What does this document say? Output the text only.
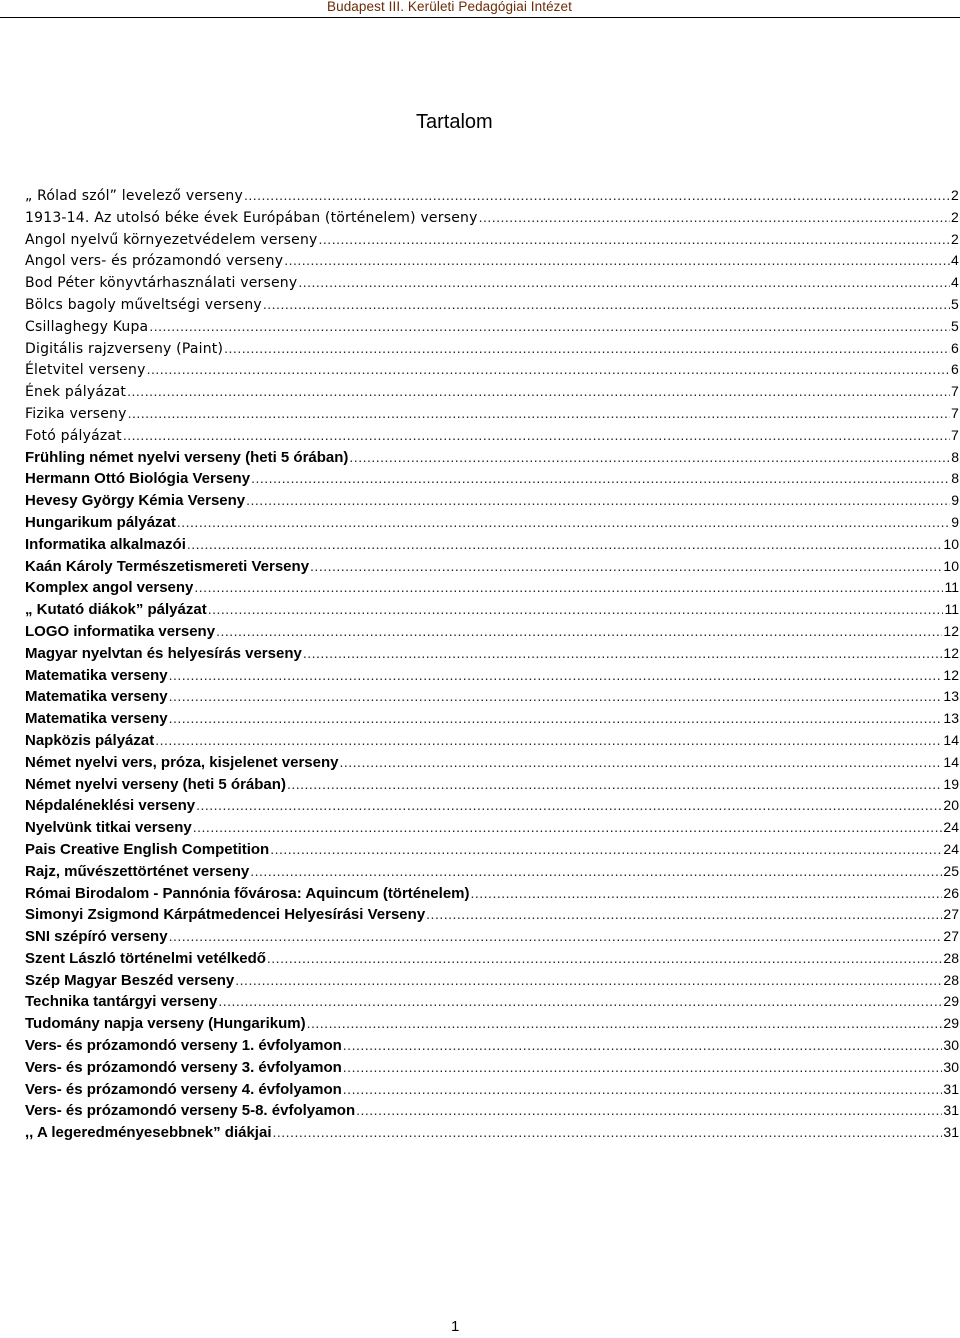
Budapest III. Kerületi Pedagógiai Intézet
Tartalom
„ Rólad szól” levelező verseny .....	2
1913-14. Az utolsó béke évek Európában (történelem) verseny .....	2
Angol nyelvű környezetvédelem verseny .....	2
Angol vers- és prózamondó verseny .....	4
Bod Péter könyvtárhasználati verseny .....	4
Bölcs bagoly műveltségi verseny .....	5
Csillaghegy Kupa .....	5
Digitális rajzverseny (Paint) .....	6
Életvitel verseny .....	6
Ének pályázat .....	7
Fizika verseny .....	7
Fotó pályázat .....	7
Frühling német nyelvi verseny (heti 5 órában) .....	8
Hermann Ottó Biológia Verseny .....	8
Hevesy György Kémia Verseny .....	9
Hungarikum pályázat .....	9
Informatika alkalmazói .....	10
Kaán Károly Természetismereti Verseny .....	10
Komplex angol verseny .....	11
„ Kutató diákok” pályázat .....	11
LOGO informatika verseny .....	12
Magyar nyelvtan és helyesírás verseny .....	12
Matematika verseny .....	12
Matematika verseny .....	13
Matematika verseny .....	13
Napközis pályázat .....	14
Német nyelvi vers, próza, kisjelenet verseny .....	14
Német nyelvi verseny (heti 5 órában) .....	19
Népdaléneklési verseny .....	20
Nyelvünk titkai verseny .....	24
Pais Creative English Competition .....	24
Rajz, művészettörténet verseny .....	25
Római Birodalom - Pannónia fővárosa: Aquincum (történelem) .....	26
Simonyi Zsigmond Kárpátmedencei Helyesírási Verseny .....	27
SNI szépíró verseny .....	27
Szent László történelmi vetélkedő .....	28
Szép Magyar Beszéd verseny .....	28
Technika tantárgyi verseny .....	29
Tudomány napja verseny (Hungarikum) .....	29
Vers- és prózamondó verseny 1. évfolyamon .....	30
Vers- és prózamondó verseny 3. évfolyamon .....	30
Vers- és prózamondó verseny 4. évfolyamon .....	31
Vers- és prózamondó verseny 5-8. évfolyamon .....	31
,, A legeredményesebbnek” diákjai .....	31
1
